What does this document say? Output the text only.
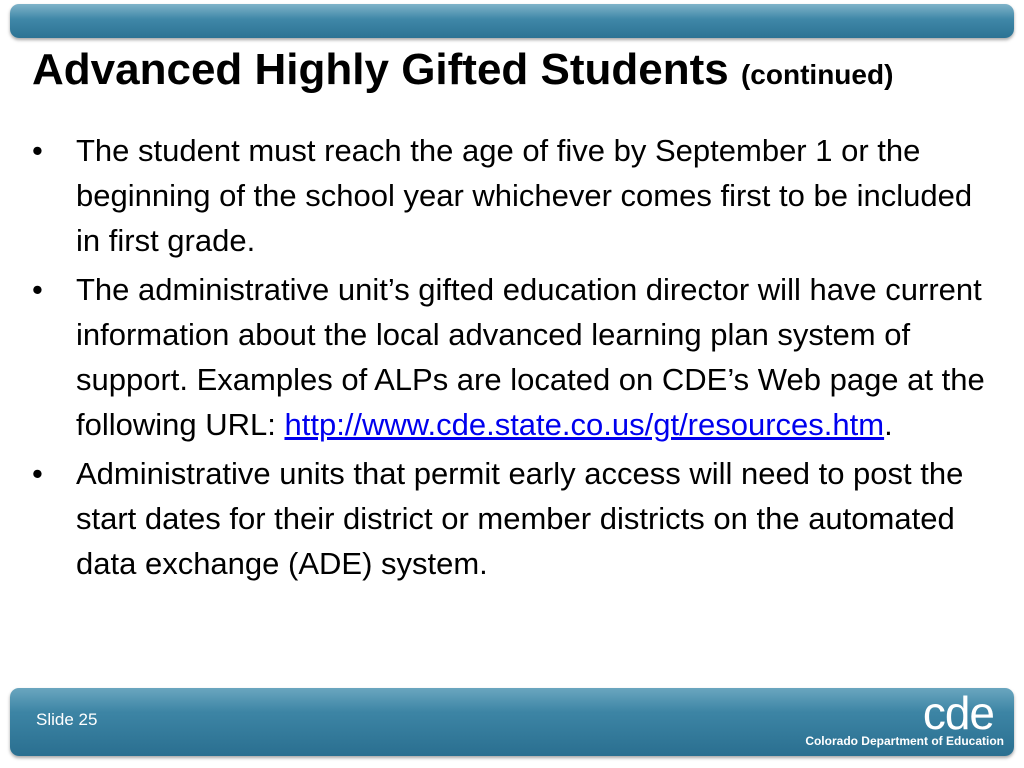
Advanced Highly Gifted Students (continued)
• The student must reach the age of five by September 1 or the beginning of the school year whichever comes first to be included in first grade.
• The administrative unit’s gifted education director will have current information about the local advanced learning plan system of support. Examples of ALPs are located on CDE’s Web page at the following URL: http://www.cde.state.co.us/gt/resources.htm.
• Administrative units that permit early access will need to post the start dates for their district or member districts on the automated data exchange (ADE) system.
Slide 25	cde
Colorado Department of Education
